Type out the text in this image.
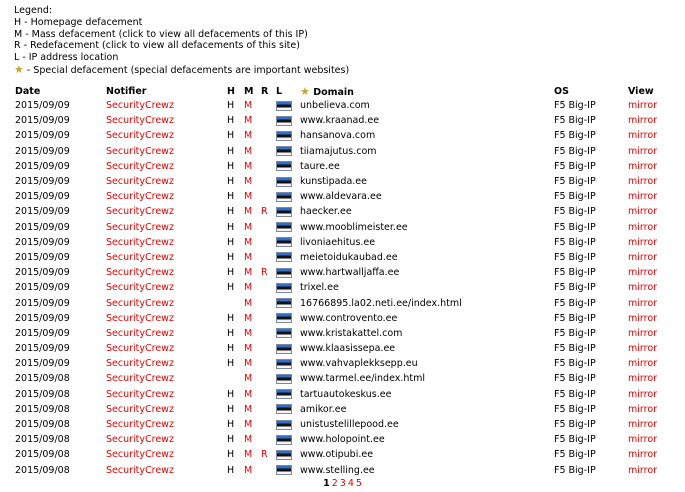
Legend:
H - Homepage defacement
M - Mass defacement (click to view all defacements of this IP)
R - Redefacement (click to view all defacements of this site)
L - IP address location
★ - Special defacement (special defacements are important websites)
Date	Notifier	H	M	R	L	★ Domain	OS	View
2015/09/09	SecurityCrewz	H	M			unbelieva.com	F5 Big-IP	mirror
2015/09/09	SecurityCrewz	H	M			www.kraanad.ee	F5 Big-IP	mirror
2015/09/09	SecurityCrewz	H	M			hansanova.com	F5 Big-IP	mirror
2015/09/09	SecurityCrewz	H	M			tiiamajutus.com	F5 Big-IP	mirror
2015/09/09	SecurityCrewz	H	M			taure.ee	F5 Big-IP	mirror
2015/09/09	SecurityCrewz	H	M			kunstipada.ee	F5 Big-IP	mirror
2015/09/09	SecurityCrewz	H	M			www.aldevara.ee	F5 Big-IP	mirror
2015/09/09	SecurityCrewz	H	M	R		haecker.ee	F5 Big-IP	mirror
2015/09/09	SecurityCrewz	H	M			www.mooblimeister.ee	F5 Big-IP	mirror
2015/09/09	SecurityCrewz	H	M			livoniaehitus.ee	F5 Big-IP	mirror
2015/09/09	SecurityCrewz	H	M			meietoidukaubad.ee	F5 Big-IP	mirror
2015/09/09	SecurityCrewz	H	M	R		www.hartwalljaffa.ee	F5 Big-IP	mirror
2015/09/09	SecurityCrewz	H	M			trixel.ee	F5 Big-IP	mirror
2015/09/09	SecurityCrewz		M			16766895.la02.neti.ee/index.html	F5 Big-IP	mirror
2015/09/09	SecurityCrewz	H	M			www.controvento.ee	F5 Big-IP	mirror
2015/09/09	SecurityCrewz	H	M			www.kristakattel.com	F5 Big-IP	mirror
2015/09/09	SecurityCrewz	H	M			www.klaasissepa.ee	F5 Big-IP	mirror
2015/09/09	SecurityCrewz	H	M			www.vahvaplekksepp.eu	F5 Big-IP	mirror
2015/09/08	SecurityCrewz		M			www.tarmel.ee/index.html	F5 Big-IP	mirror
2015/09/08	SecurityCrewz	H	M			tartuautokeskus.ee	F5 Big-IP	mirror
2015/09/08	SecurityCrewz	H	M			amikor.ee	F5 Big-IP	mirror
2015/09/08	SecurityCrewz	H	M			unistustelillepood.ee	F5 Big-IP	mirror
2015/09/08	SecurityCrewz	H	M			www.holopoint.ee	F5 Big-IP	mirror
2015/09/08	SecurityCrewz	H	M	R		www.otipubi.ee	F5 Big-IP	mirror
2015/09/08	SecurityCrewz	H	M			www.stelling.ee	F5 Big-IP	mirror
1 2 3 4 5
